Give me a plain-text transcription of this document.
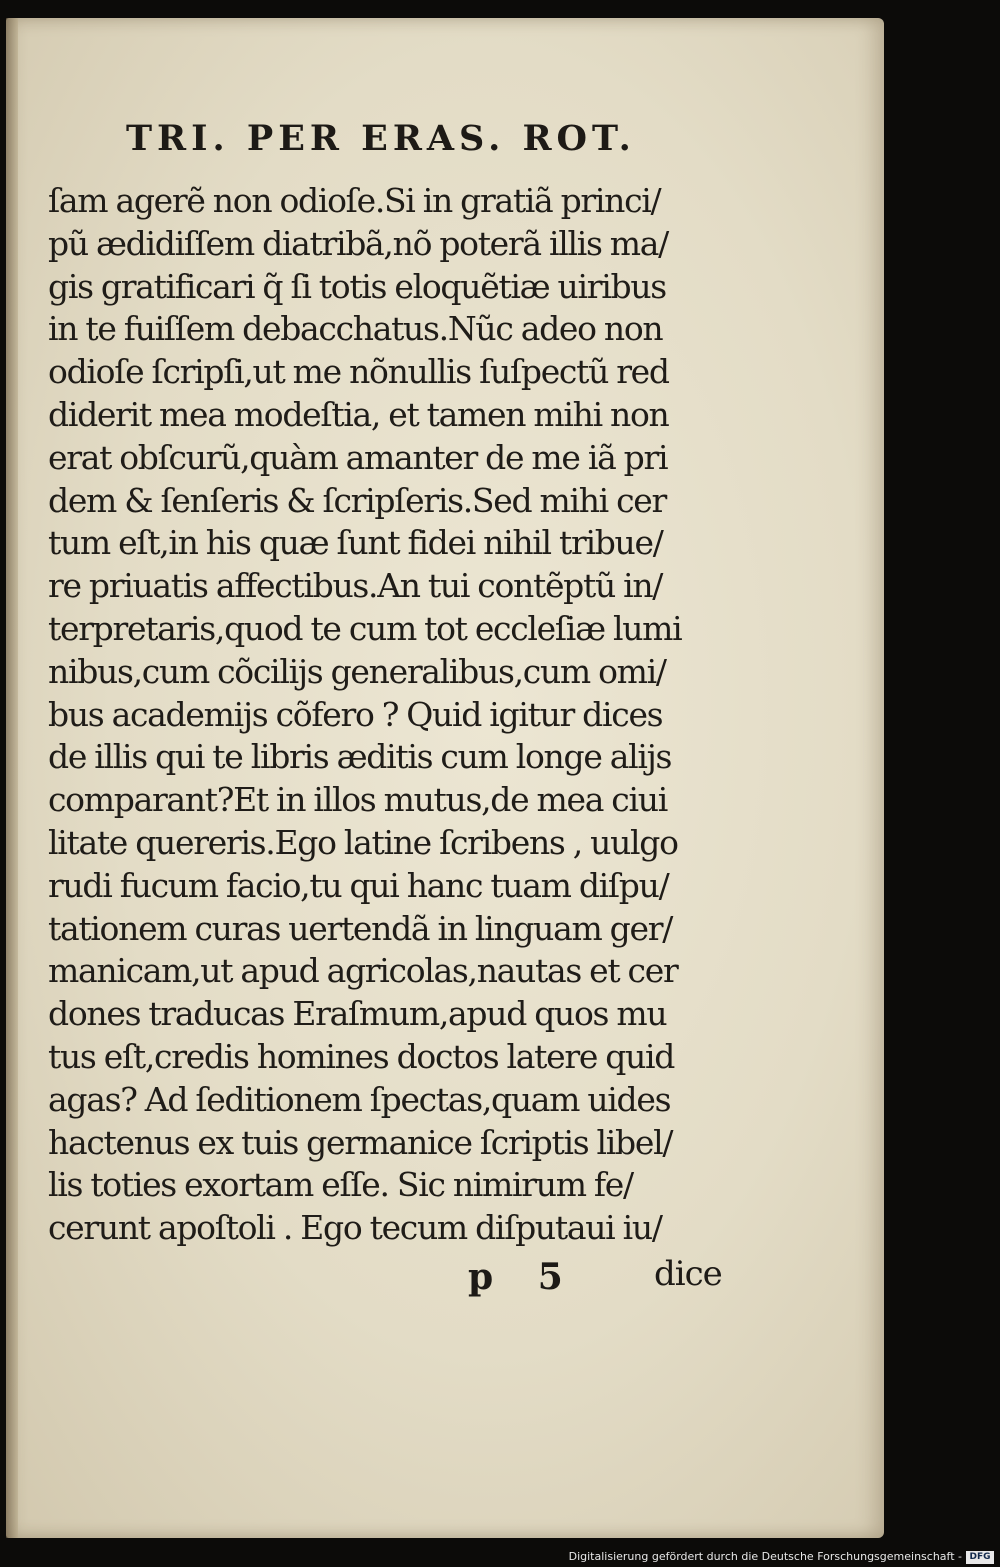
TRI. PER ERAS. ROT.
ſam agerẽ non odioſe.Si in gratiã princi/
pũ ædidiſſem diatribã,nõ poterã illis ma/
gis gratificari q̃ ſi totis eloquẽtiæ uiribus
in te fuiſſem debacchatus.Nũc adeo non
odioſe ſcripſi,ut me nõnullis ſuſpectũ red
diderit mea modeſtia, et tamen mihi non
erat obſcurũ,quàm amanter de me iã pri
dem & ſenſeris & ſcripſeris.Sed mihi cer
tum eſt,in his quæ ſunt fidei nihil tribue/
re priuatis affectibus.An tui contẽptũ in/
terpretaris,quod te cum tot eccleſiæ lumi
nibus,cum cõcilijs generalibus,cum omi/
bus academijs cõfero ? Quid igitur dices
de illis qui te libris æditis cum longe alijs
comparant?Et in illos mutus,de mea ciui
litate quereris.Ego latine ſcribens , uulgo
rudi fucum facio,tu qui hanc tuam diſpu/
tationem curas uertendã in linguam ger/
manicam,ut apud agricolas,nautas et cer
dones traducas Eraſmum,apud quos mu
tus eſt,credis homines doctos latere quid
agas? Ad ſeditionem ſpectas,quam uides
hactenus ex tuis germanice ſcriptis libel/
lis toties exortam eſſe. Sic nimirum fe/
cerunt apoſtoli . Ego tecum diſputaui iu/
p 5 dice
Digitalisierung gefördert durch die Deutsche Forschungsgemeinschaft - DFG
